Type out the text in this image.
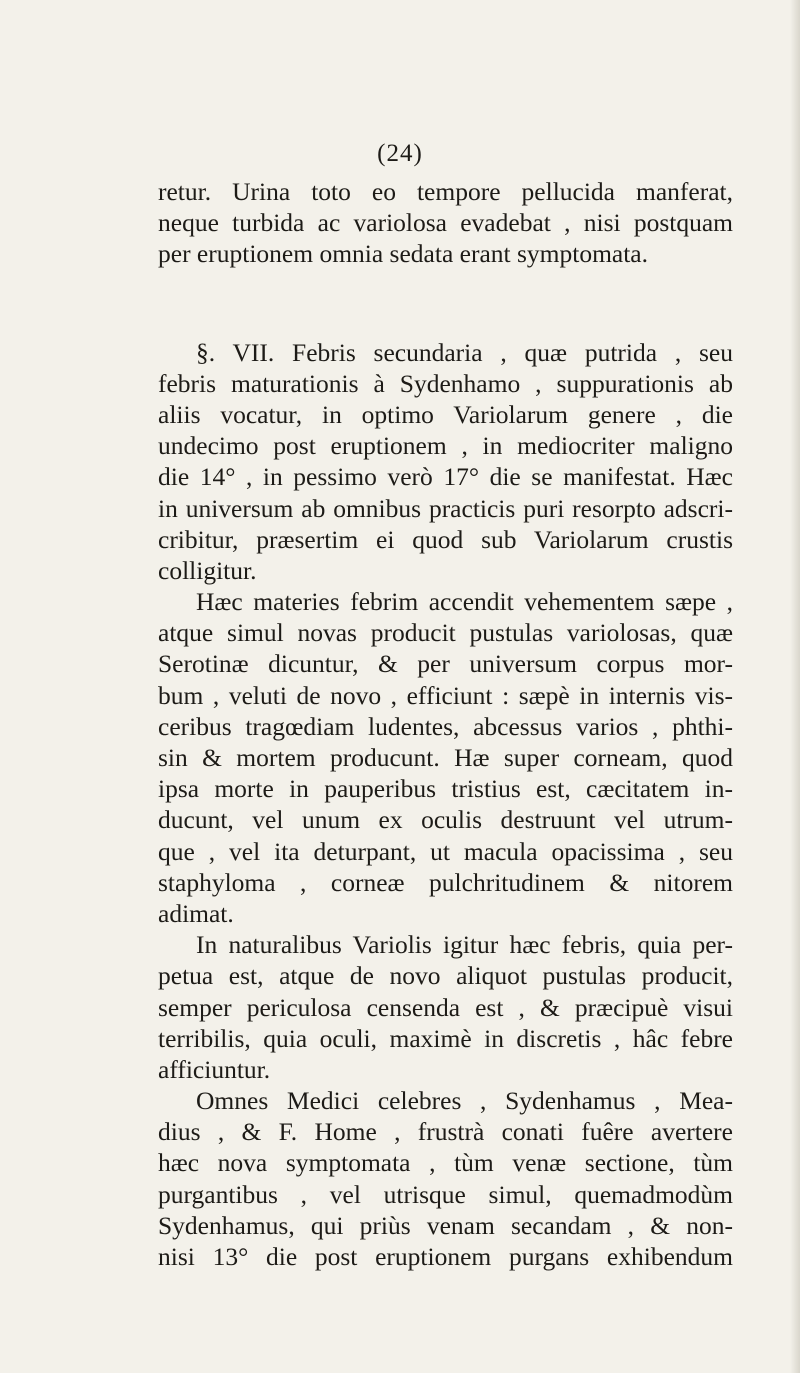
(24)
retur. Urina toto eo tempore pellucida manferat,
neque turbida ac variolosa evadebat , nisi postquam
per eruptionem omnia sedata erant symptomata.
§. VII. Febris secundaria , quæ putrida , seu
febris maturationis à Sydenhamo , suppurationis ab
aliis vocatur, in optimo Variolarum genere , die
undecimo post eruptionem , in mediocriter maligno
die 14° , in pessimo verò 17° die se manifestat. Hæc
in universum ab omnibus practicis puri resorpto adscri-
cribitur, præsertim ei quod sub Variolarum crustis
colligitur.
Hæc materies febrim accendit vehementem sæpe ,
atque simul novas producit pustulas variolosas, quæ
Serotinæ dicuntur, & per universum corpus mor-
bum , veluti de novo , efficiunt : sæpè in internis vis-
ceribus tragœdiam ludentes, abcessus varios , phthi-
sin & mortem producunt. Hæ super corneam, quod
ipsa morte in pauperibus tristius est, cæcitatem in-
ducunt, vel unum ex oculis destruunt vel utrum-
que , vel ita deturpant, ut macula opacissima , seu
staphyloma , corneæ pulchritudinem & nitorem
adimat.
In naturalibus Variolis igitur hæc febris, quia per-
petua est, atque de novo aliquot pustulas producit,
semper periculosa censenda est , & præcipuè visui
terribilis, quia oculi, maximè in discretis , hâc febre
afficiuntur.
Omnes Medici celebres , Sydenhamus , Mea-
dius , & F. Home , frustrà conati fuêre avertere
hæc nova symptomata , tùm venæ sectione, tùm
purgantibus , vel utrisque simul, quemadmodùm
Sydenhamus, qui priùs venam secandam , & non-
nisi 13° die post eruptionem purgans exhibendum
